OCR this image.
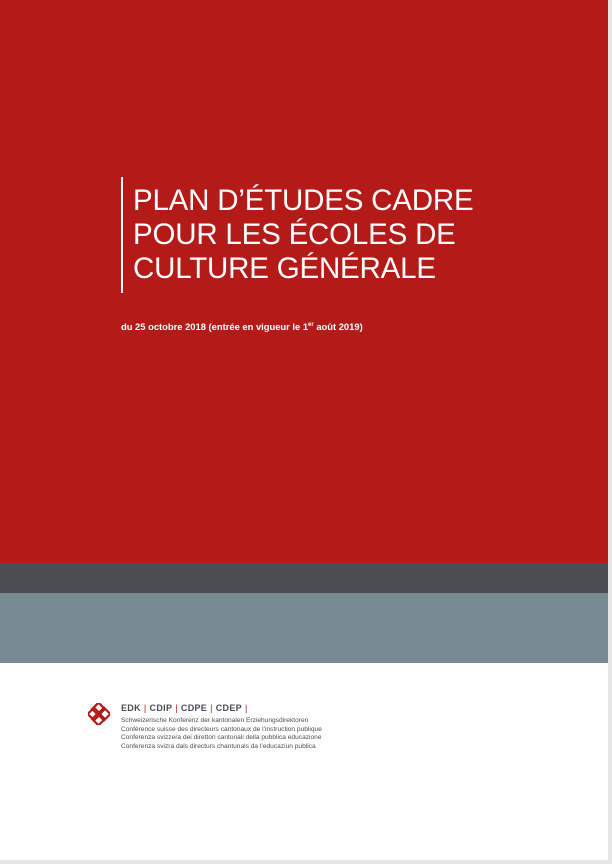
PLAN D’ÉTUDES CADRE
POUR LES ÉCOLES DE
CULTURE GÉNÉRALE
du 25 octobre 2018 (entrée en vigueur le 1er août 2019)
EDK | CDIP | CDPE | CDEP |
Schweizerische Konferenz der kantonalen Erziehungsdirektoren
Conférence suisse des directeurs cantonaux de l’instruction publique
Conferenza svizzera dei direttori cantonali della pubblica educazione
Conferenza svizra dals directurs chantunals da l’educaziun publica
